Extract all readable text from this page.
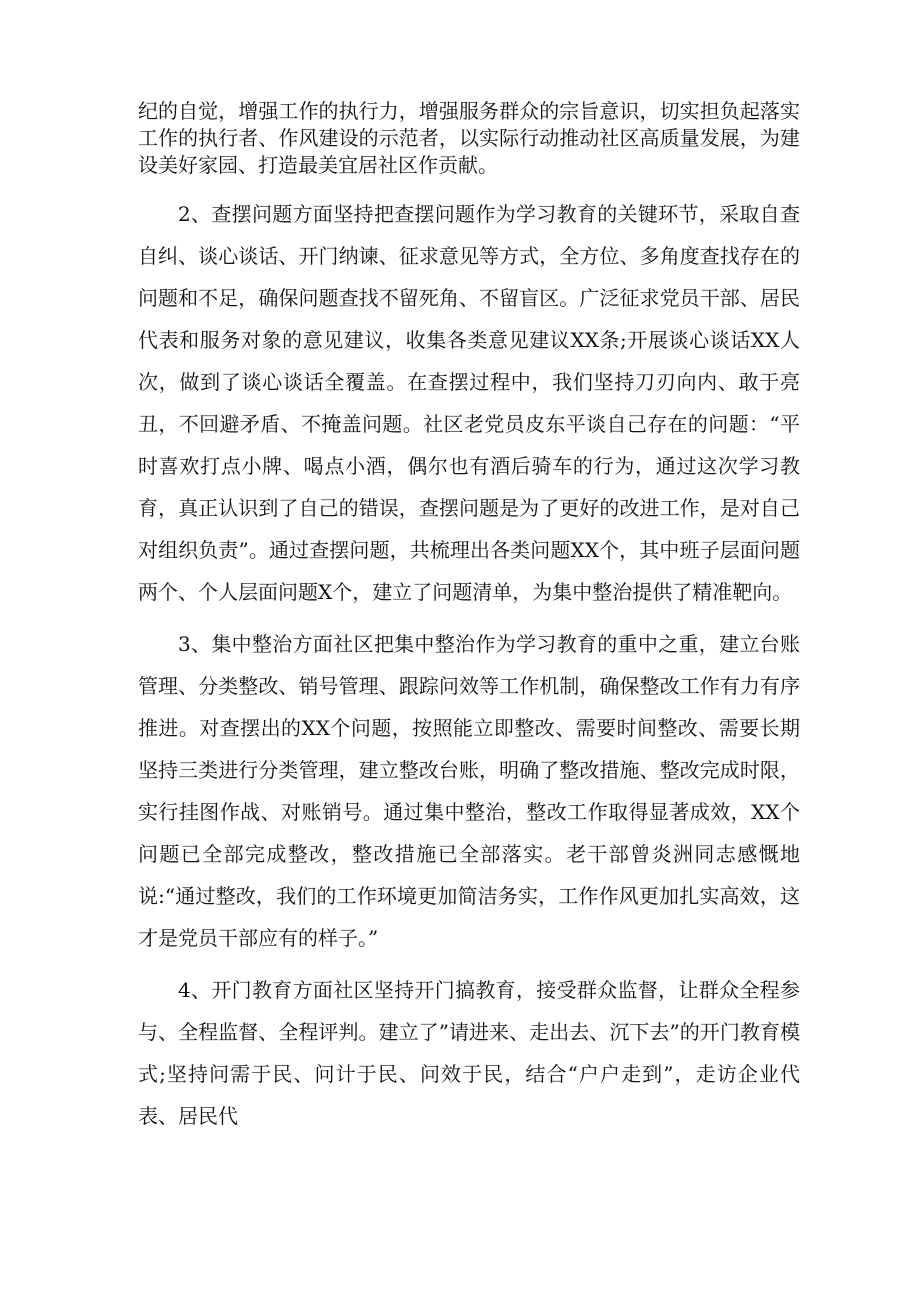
纪的自觉，增强工作的执行力，增强服务群众的宗旨意识，切实担负起落实工作的执行者、作风建设的示范者，以实际行动推动社区高质量发展，为建设美好家园、打造最美宜居社区作贡献。

2、查摆问题方面坚持把查摆问题作为学习教育的关键环节，采取自查自纠、谈心谈话、开门纳谏、征求意见等方式，全方位、多角度查找存在的问题和不足，确保问题查找不留死角、不留盲区。广泛征求党员干部、居民代表和服务对象的意见建议，收集各类意见建议XX条;开展谈心谈话XX人次，做到了谈心谈话全覆盖。在查摆过程中，我们坚持刀刃向内、敢于亮丑，不回避矛盾、不掩盖问题。社区老党员皮东平谈自己存在的问题：“平时喜欢打点小牌、喝点小酒，偶尔也有酒后骑车的行为，通过这次学习教育，真正认识到了自己的错误，查摆问题是为了更好的改进工作，是对自己对组织负责”。通过查摆问题，共梳理出各类问题XX个，其中班子层面问题两个、个人层面问题X个，建立了问题清单，为集中整治提供了精准靶向。

3、集中整治方面社区把集中整治作为学习教育的重中之重，建立台账管理、分类整改、销号管理、跟踪问效等工作机制，确保整改工作有力有序推进。对查摆出的XX个问题，按照能立即整改、需要时间整改、需要长期坚持三类进行分类管理，建立整改台账，明确了整改措施、整改完成时限，实行挂图作战、对账销号。通过集中整治，整改工作取得显著成效，XX个问题已全部完成整改，整改措施已全部落实。老干部曾炎洲同志感慨地说:“通过整改，我们的工作环境更加简洁务实，工作作风更加扎实高效，这才是党员干部应有的样子。”

4、开门教育方面社区坚持开门搞教育，接受群众监督，让群众全程参与、全程监督、全程评判。建立了”请进来、走出去、沉下去”的开门教育模式;坚持问需于民、问计于民、问效于民，结合“户户走到”，走访企业代表、居民代
